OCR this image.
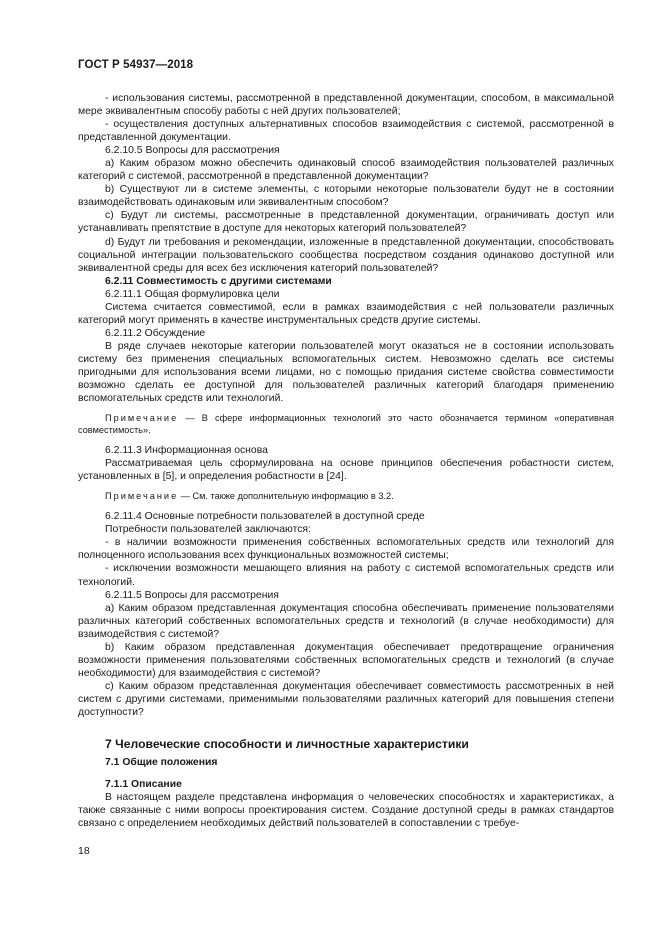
ГОСТ Р 54937—2018

- использования системы, рассмотренной в представленной документации, способом, в максимальной мере эквивалентным способу работы с ней других пользователей;

- осуществления доступных альтернативных способов взаимодействия с системой, рассмотренной в представленной документации.

6.2.10.5 Вопросы для рассмотрения

a) Каким образом можно обеспечить одинаковый способ взаимодействия пользователей различных категорий с системой, рассмотренной в представленной документации?

b) Существуют ли в системе элементы, с которыми некоторые пользователи будут не в состоянии взаимодействовать одинаковым или эквивалентным способом?

c) Будут ли системы, рассмотренные в представленной документации, ограничивать доступ или устанавливать препятствие в доступе для некоторых категорий пользователей?

d) Будут ли требования и рекомендации, изложенные в представленной документации, способствовать социальной интеграции пользовательского сообщества посредством создания одинаково доступной или эквивалентной среды для всех без исключения категорий пользователей?

6.2.11 Совместимость с другими системами

6.2.11.1 Общая формулировка цели

Система считается совместимой, если в рамках взаимодействия с ней пользователи различных категорий могут применять в качестве инструментальных средств другие системы.

6.2.11.2 Обсуждение

В ряде случаев некоторые категории пользователей могут оказаться не в состоянии использовать систему без применения специальных вспомогательных систем. Невозможно сделать все системы пригодными для использования всеми лицами, но с помощью придания системе свойства совместимости возможно сделать ее доступной для пользователей различных категорий благодаря применению вспомогательных средств или технологий.

Примечание — В сфере информационных технологий это часто обозначается термином «оперативная совместимость».

6.2.11.3 Информационная основа

Рассматриваемая цель сформулирована на основе принципов обеспечения робастности систем, установленных в [5], и определения робастности в [24].

Примечание — См. также дополнительную информацию в 3.2.

6.2.11.4 Основные потребности пользователей в доступной среде

Потребности пользователей заключаются:

- в наличии возможности применения собственных вспомогательных средств или технологий для полноценного использования всех функциональных возможностей системы;

- исключении возможности мешающего влияния на работу с системой вспомогательных средств или технологий.

6.2.11.5 Вопросы для рассмотрения

a) Каким образом представленная документация способна обеспечивать применение пользователями различных категорий собственных вспомогательных средств и технологий (в случае необходимости) для взаимодействия с системой?

b) Каким образом представленная документация обеспечивает предотвращение ограничения возможности применения пользователями собственных вспомогательных средств и технологий (в случае необходимости) для взаимодействия с системой?

c) Каким образом представленная документация обеспечивает совместимость рассмотренных в ней систем с другими системами, применимыми пользователями различных категорий для повышения степени доступности?

7 Человеческие способности и личностные характеристики

7.1 Общие положения

7.1.1 Описание

В настоящем разделе представлена информация о человеческих способностях и характеристиках, а также связанные с ними вопросы проектирования систем. Создание доступной среды в рамках стандартов связано с определением необходимых действий пользователей в сопоставлении с требуе-

18
